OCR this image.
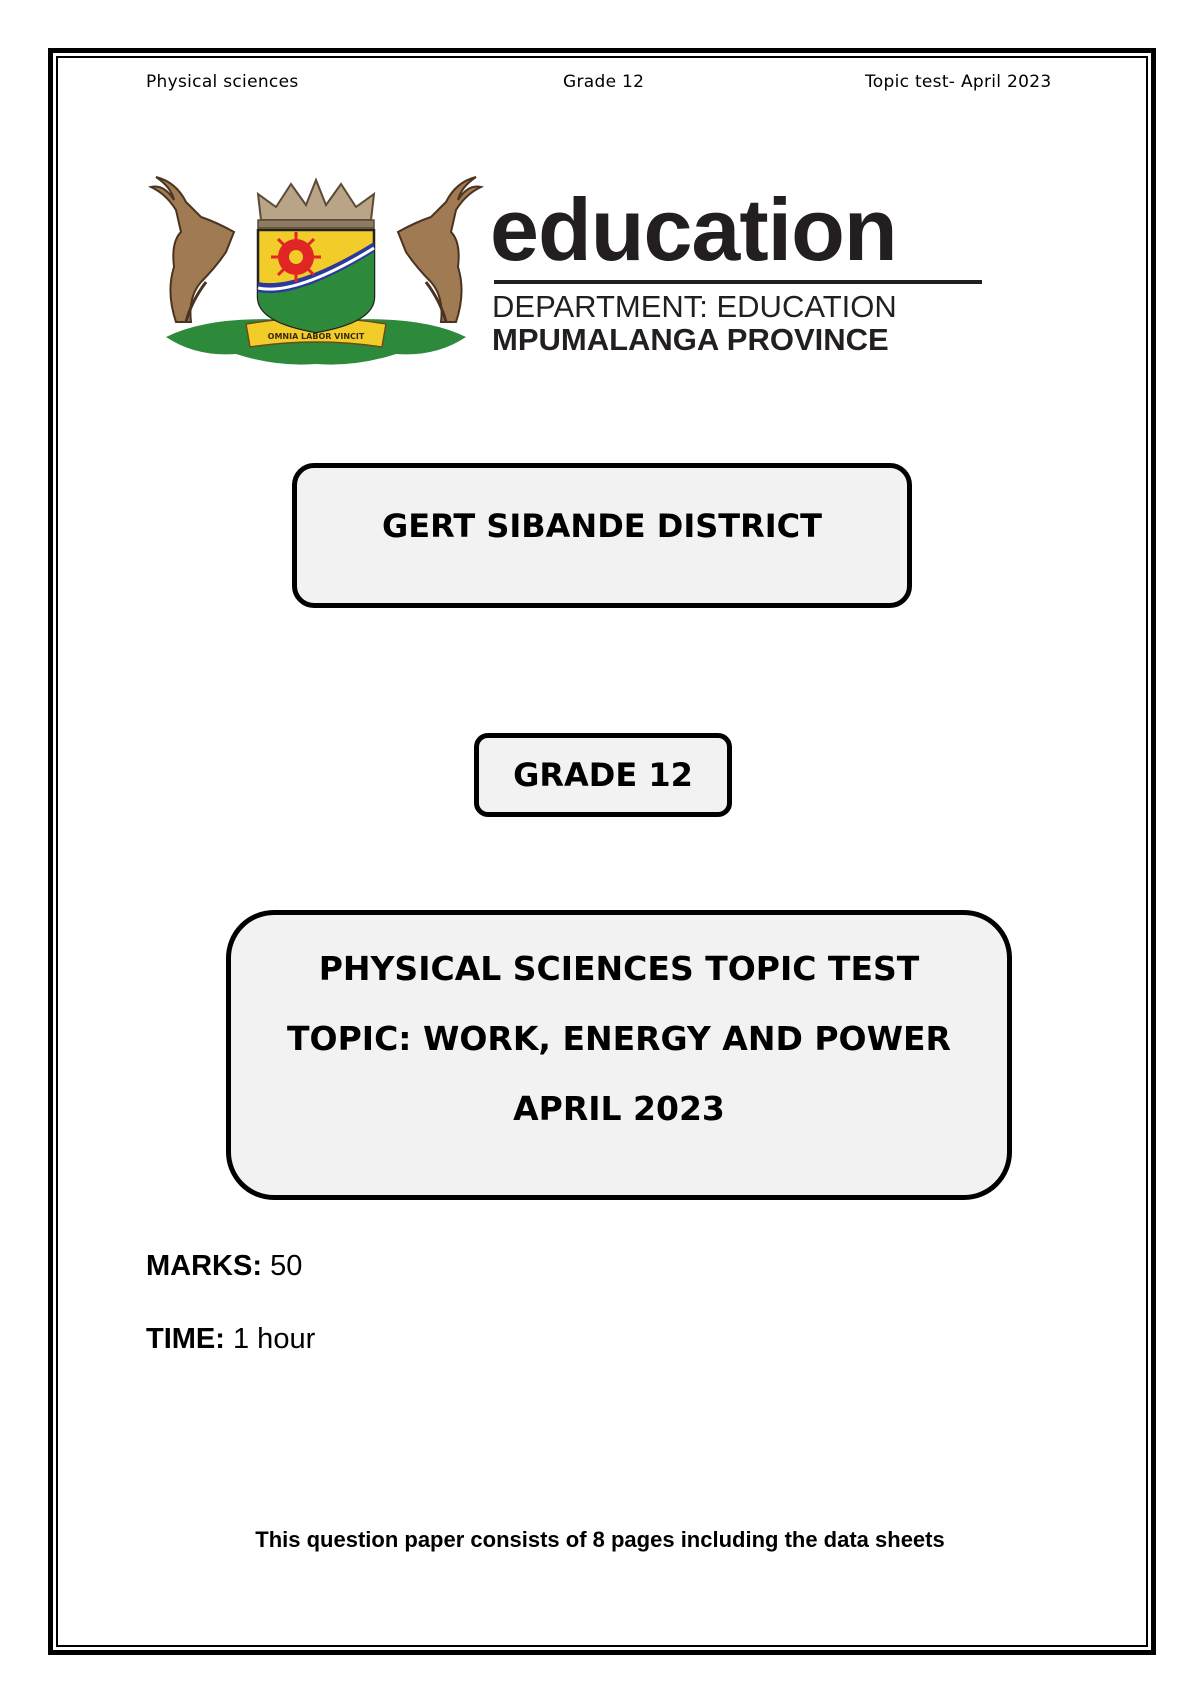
Physical sciences	Grade 12	Topic test- April 2023
OMNIA LABOR VINCIT
education
DEPARTMENT: EDUCATION
MPUMALANGA PROVINCE
GERT SIBANDE DISTRICT
GRADE 12
PHYSICAL SCIENCES TOPIC TEST
TOPIC: WORK, ENERGY AND POWER
APRIL 2023
MARKS: 50
TIME: 1 hour
This question paper consists of 8 pages including the data sheets
